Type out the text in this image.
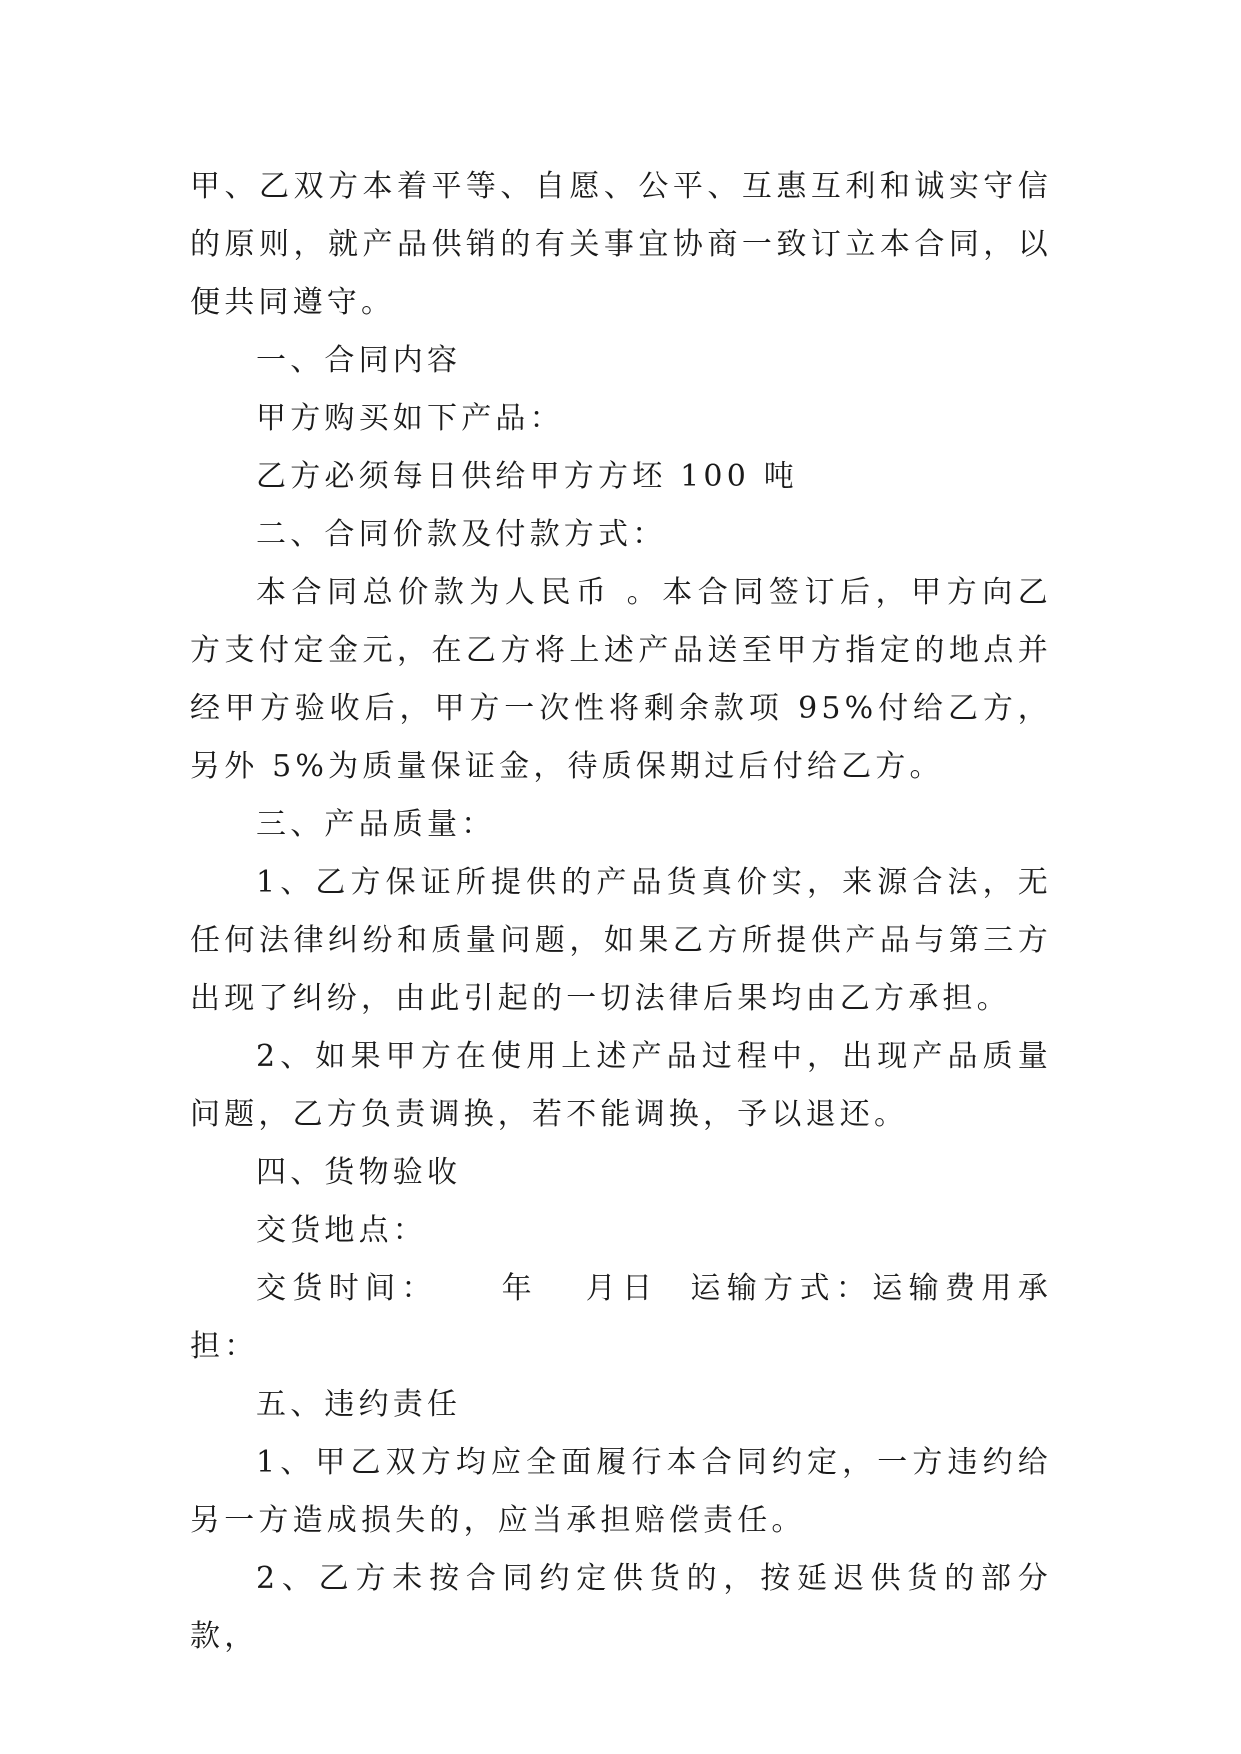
甲、乙双方本着平等、自愿、公平、互惠互利和诚实守信的原则，就产品供销的有关事宜协商一致订立本合同，以便共同遵守。

一、合同内容

甲方购买如下产品：

乙方必须每日供给甲方方坯 100 吨

二、合同价款及付款方式：

本合同总价款为人民币 。本合同签订后，甲方向乙方支付定金元，在乙方将上述产品送至甲方指定的地点并经甲方验收后，甲方一次性将剩余款项 95%付给乙方，另外 5%为质量保证金，待质保期过后付给乙方。

三、产品质量：

1、乙方保证所提供的产品货真价实，来源合法，无任何法律纠纷和质量问题，如果乙方所提供产品与第三方出现了纠纷，由此引起的一切法律后果均由乙方承担。

2、如果甲方在使用上述产品过程中，出现产品质量问题，乙方负责调换，若不能调换，予以退还。

四、货物验收

交货地点：

交货时间：    年   月日  运输方式：运输费用承担：

五、违约责任

1、甲乙双方均应全面履行本合同约定，一方违约给另一方造成损失的，应当承担赔偿责任。

2、乙方未按合同约定供货的，按延迟供货的部分款，
